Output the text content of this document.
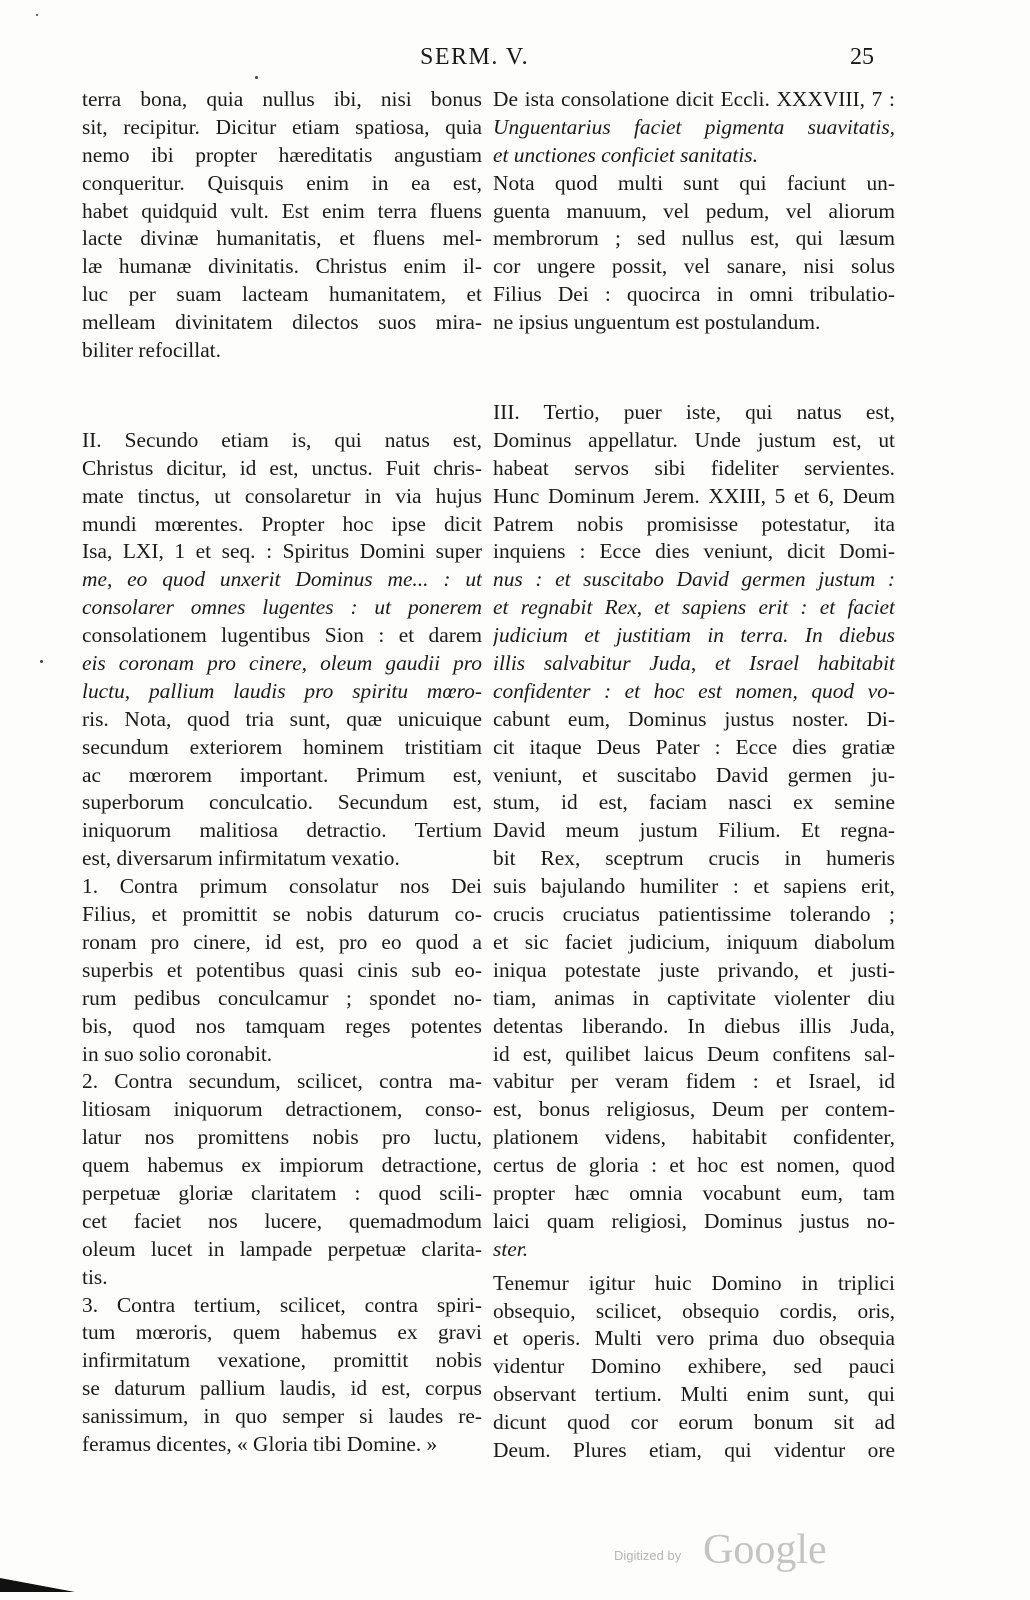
SERM. V.	25
terra bona, quia nullus ibi, nisi bonus
sit, recipitur. Dicitur etiam spatiosa, quia
nemo ibi propter hæreditatis angustiam
conqueritur. Quisquis enim in ea est,
habet quidquid vult. Est enim terra fluens
lacte divinæ humanitatis, et fluens mel-
læ humanæ divinitatis. Christus enim il-
luc per suam lacteam humanitatem, et
melleam divinitatem dilectos suos mira-
biliter refocillat.
II. Secundo etiam is, qui natus est,
Christus dicitur, id est, unctus. Fuit chris-
mate tinctus, ut consolaretur in via hujus
mundi mœrentes. Propter hoc ipse dicit
Isa, LXI, 1 et seq. : Spiritus Domini super
me, eo quod unxerit Dominus me... : ut
consolarer omnes lugentes : ut ponerem
consolationem lugentibus Sion : et darem
eis coronam pro cinere, oleum gaudii pro
luctu, pallium laudis pro spiritu mœro-
ris. Nota, quod tria sunt, quæ unicuique
secundum exteriorem hominem tristitiam
ac mœrorem important. Primum est,
superborum conculcatio. Secundum est,
iniquorum malitiosa detractio. Tertium
est, diversarum infirmitatum vexatio.
1. Contra primum consolatur nos Dei
Filius, et promittit se nobis daturum co-
ronam pro cinere, id est, pro eo quod a
superbis et potentibus quasi cinis sub eo-
rum pedibus conculcamur ; spondet no-
bis, quod nos tamquam reges potentes
in suo solio coronabit.
2. Contra secundum, scilicet, contra ma-
litiosam iniquorum detractionem, conso-
latur nos promittens nobis pro luctu,
quem habemus ex impiorum detractione,
perpetuæ gloriæ claritatem : quod scili-
cet faciet nos lucere, quemadmodum
oleum lucet in lampade perpetuæ clarita-
tis.
3. Contra tertium, scilicet, contra spiri-
tum mœroris, quem habemus ex gravi
infirmitatum vexatione, promittit nobis
se daturum pallium laudis, id est, corpus
sanissimum, in quo semper si laudes re-
feramus dicentes, « Gloria tibi Domine. »
De ista consolatione dicit Eccli. XXXVIII, 7 :
Unguentarius faciet pigmenta suavitatis,
et unctiones conficiet sanitatis.
Nota quod multi sunt qui faciunt un-
guenta manuum, vel pedum, vel aliorum
membrorum ; sed nullus est, qui læsum
cor ungere possit, vel sanare, nisi solus
Filius Dei : quocirca in omni tribulatio-
ne ipsius unguentum est postulandum.
III. Tertio, puer iste, qui natus est,
Dominus appellatur. Unde justum est, ut
habeat servos sibi fideliter servientes.
Hunc Dominum Jerem. XXIII, 5 et 6, Deum
Patrem nobis promisisse potestatur, ita
inquiens : Ecce dies veniunt, dicit Domi-
nus : et suscitabo David germen justum :
et regnabit Rex, et sapiens erit : et faciet
judicium et justitiam in terra. In diebus
illis salvabitur Juda, et Israel habitabit
confidenter : et hoc est nomen, quod vo-
cabunt eum, Dominus justus noster. Di-
cit itaque Deus Pater : Ecce dies gratiæ
veniunt, et suscitabo David germen ju-
stum, id est, faciam nasci ex semine
David meum justum Filium. Et regna-
bit Rex, sceptrum crucis in humeris
suis bajulando humiliter : et sapiens erit,
crucis cruciatus patientissime tolerando ;
et sic faciet judicium, iniquum diabolum
iniqua potestate juste privando, et justi-
tiam, animas in captivitate violenter diu
detentas liberando. In diebus illis Juda,
id est, quilibet laicus Deum confitens sal-
vabitur per veram fidem : et Israel, id
est, bonus religiosus, Deum per contem-
plationem videns, habitabit confidenter,
certus de gloria : et hoc est nomen, quod
propter hæc omnia vocabunt eum, tam
laici quam religiosi, Dominus justus no-
ster.
Tenemur igitur huic Domino in triplici
obsequio, scilicet, obsequio cordis, oris,
et operis. Multi vero prima duo obsequia
videntur Domino exhibere, sed pauci
observant tertium. Multi enim sunt, qui
dicunt quod cor eorum bonum sit ad
Deum. Plures etiam, qui videntur ore
Digitized by Google
